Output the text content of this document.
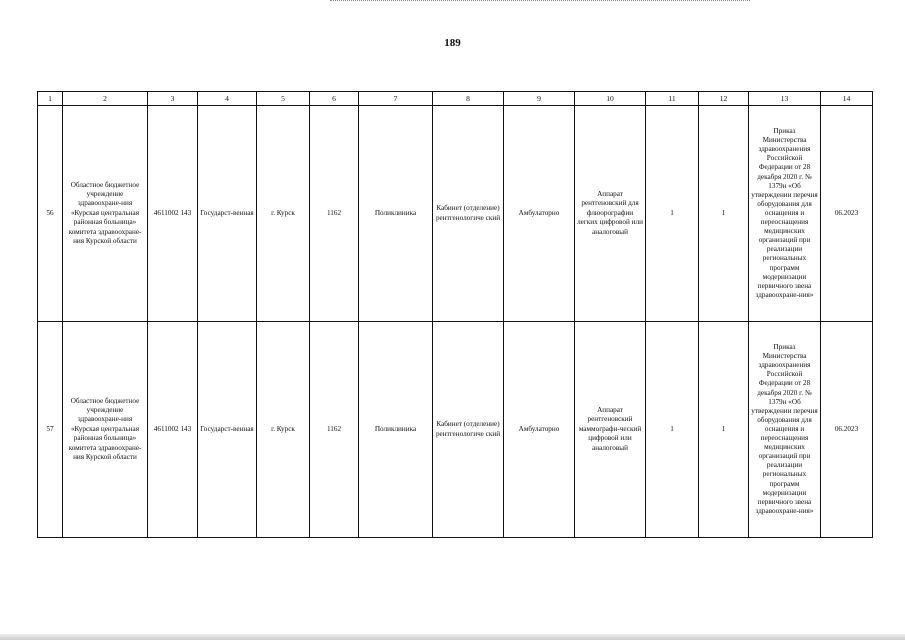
189
1	2	3	4	5	6	7	8	9	10	11	12	13	14
56	Областное бюджетное учреждение здравоохране-ния «Курская центральная районная больница» комитета здравоохране-ния Курской области	4611002 143	Государст-венная	г. Курск	1162	Поликлиника	Кабинет (отделение) рентгенологиче ский	Амбулаторно	Аппарат рентгеновский для флюорографии легких цифровой или аналоговый	1	1	Приказ Министерства здравоохранения Российской Федерации от 28 декабря 2020 г. № 1379н «Об утверждении перечня оборудования для оснащения и переоснащения медицинских организаций при реализации региональных программ модернизации первичного звена здравоохране-ния»	06.2023
57	Областное бюджетное учреждение здравоохране-ния «Курская центральная районная больница» комитета здравоохране-ния Курской области	4611002 143	Государст-венная	г. Курск	1162	Поликлиника	Кабинет (отделение) рентгенологиче ский	Амбулаторно	Аппарат рентгеновский маммографи-ческий цифровой или аналоговый	1	1	Приказ Министерства здравоохранения Российской Федерации от 28 декабря 2020 г. № 1379н «Об утверждении перечня оборудования для оснащения и переоснащения медицинских организаций при реализации региональных программ модернизации первичного звена здравоохране-ния»	06.2023
